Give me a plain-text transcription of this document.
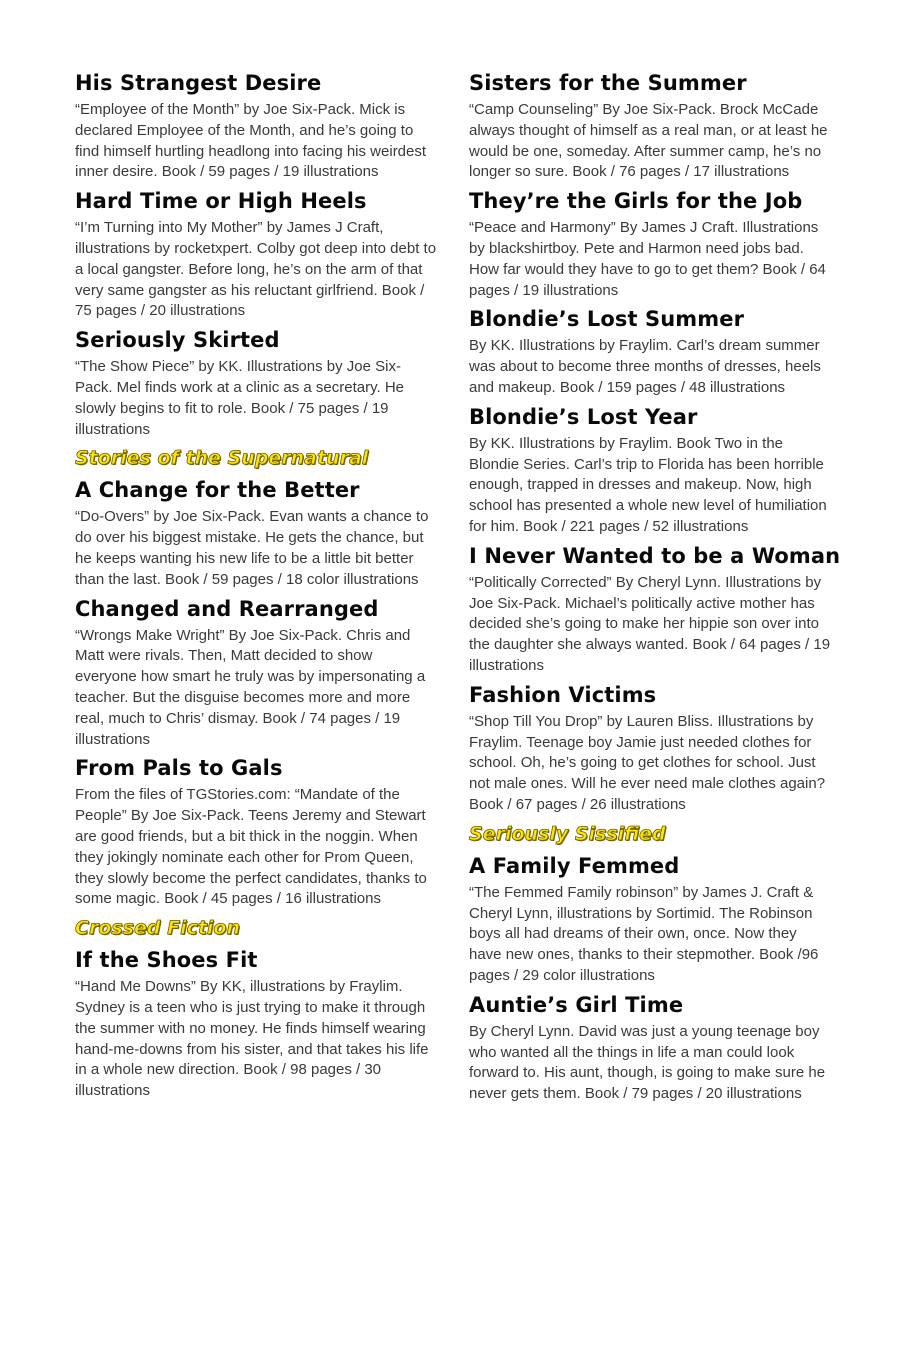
His Strangest Desire
“Employee of the Month” by Joe Six-Pack. Mick is declared Employee of the Month, and he’s going to find himself hurtling headlong into facing his weirdest inner desire. Book / 59 pages / 19 illustrations
Hard Time or High Heels
“I’m Turning into My Mother” by James J Craft, illustrations by rocketxpert. Colby got deep into debt to a local gangster. Before long, he’s on the arm of that very same gangster as his reluctant girlfriend. Book / 75 pages / 20 illustrations
Seriously Skirted
“The Show Piece” by KK. Illustrations by Joe Six-Pack. Mel finds work at a clinic as a secretary. He slowly begins to fit to role. Book / 75 pages / 19 illustrations
Stories of the Supernatural
A Change for the Better
“Do-Overs” by Joe Six-Pack. Evan wants a chance to do over his biggest mistake. He gets the chance, but he keeps wanting his new life to be a little bit better than the last. Book / 59 pages / 18 color illustrations
Changed and Rearranged
“Wrongs Make Wright” By Joe Six-Pack. Chris and Matt were rivals. Then, Matt decided to show everyone how smart he truly was by impersonating a teacher. But the disguise becomes more and more real, much to Chris’ dismay. Book / 74 pages / 19 illustrations
From Pals to Gals
From the files of TGStories.com: “Mandate of the People” By Joe Six-Pack. Teens Jeremy and Stewart are good friends, but a bit thick in the noggin. When they jokingly nominate each other for Prom Queen, they slowly become the perfect candidates, thanks to some magic. Book / 45 pages / 16 illustrations
Crossed Fiction
If the Shoes Fit
“Hand Me Downs” By KK, illustrations by Fraylim. Sydney is a teen who is just trying to make it through the summer with no money. He finds himself wearing hand-me-downs from his sister, and that takes his life in a whole new direction. Book / 98 pages / 30 illustrations
Sisters for the Summer
“Camp Counseling” By Joe Six-Pack. Brock McCade always thought of himself as a real man, or at least he would be one, someday. After summer camp, he’s no longer so sure. Book / 76 pages / 17 illustrations
They’re the Girls for the Job
“Peace and Harmony” By James J Craft. Illustrations by blackshirtboy. Pete and Harmon need jobs bad. How far would they have to go to get them? Book / 64 pages / 19 illustrations
Blondie’s Lost Summer
By KK. Illustrations by Fraylim. Carl’s dream summer was about to become three months of dresses, heels and makeup. Book / 159 pages / 48 illustrations
Blondie’s Lost Year
By KK. Illustrations by Fraylim. Book Two in the Blondie Series. Carl’s trip to Florida has been horrible enough, trapped in dresses and makeup. Now, high school has presented a whole new level of humiliation for him. Book / 221 pages / 52 illustrations
I Never Wanted to be a Woman
“Politically Corrected” By Cheryl Lynn. Illustrations by Joe Six-Pack. Michael’s politically active mother has decided she’s going to make her hippie son over into the daughter she always wanted. Book / 64 pages / 19 illustrations
Fashion Victims
“Shop Till You Drop” by Lauren Bliss. Illustrations by Fraylim. Teenage boy Jamie just needed clothes for school. Oh, he’s going to get clothes for school. Just not male ones. Will he ever need male clothes again? Book / 67 pages / 26 illustrations
Seriously Sissified
A Family Femmed
“The Femmed Family robinson” by James J. Craft & Cheryl Lynn, illustrations by Sortimid. The Robinson boys all had dreams of their own, once. Now they have new ones, thanks to their stepmother. Book /96 pages / 29 color illustrations
Auntie’s Girl Time
By Cheryl Lynn. David was just a young teenage boy who wanted all the things in life a man could look forward to. His aunt, though, is going to make sure he never gets them. Book / 79 pages / 20 illustrations
